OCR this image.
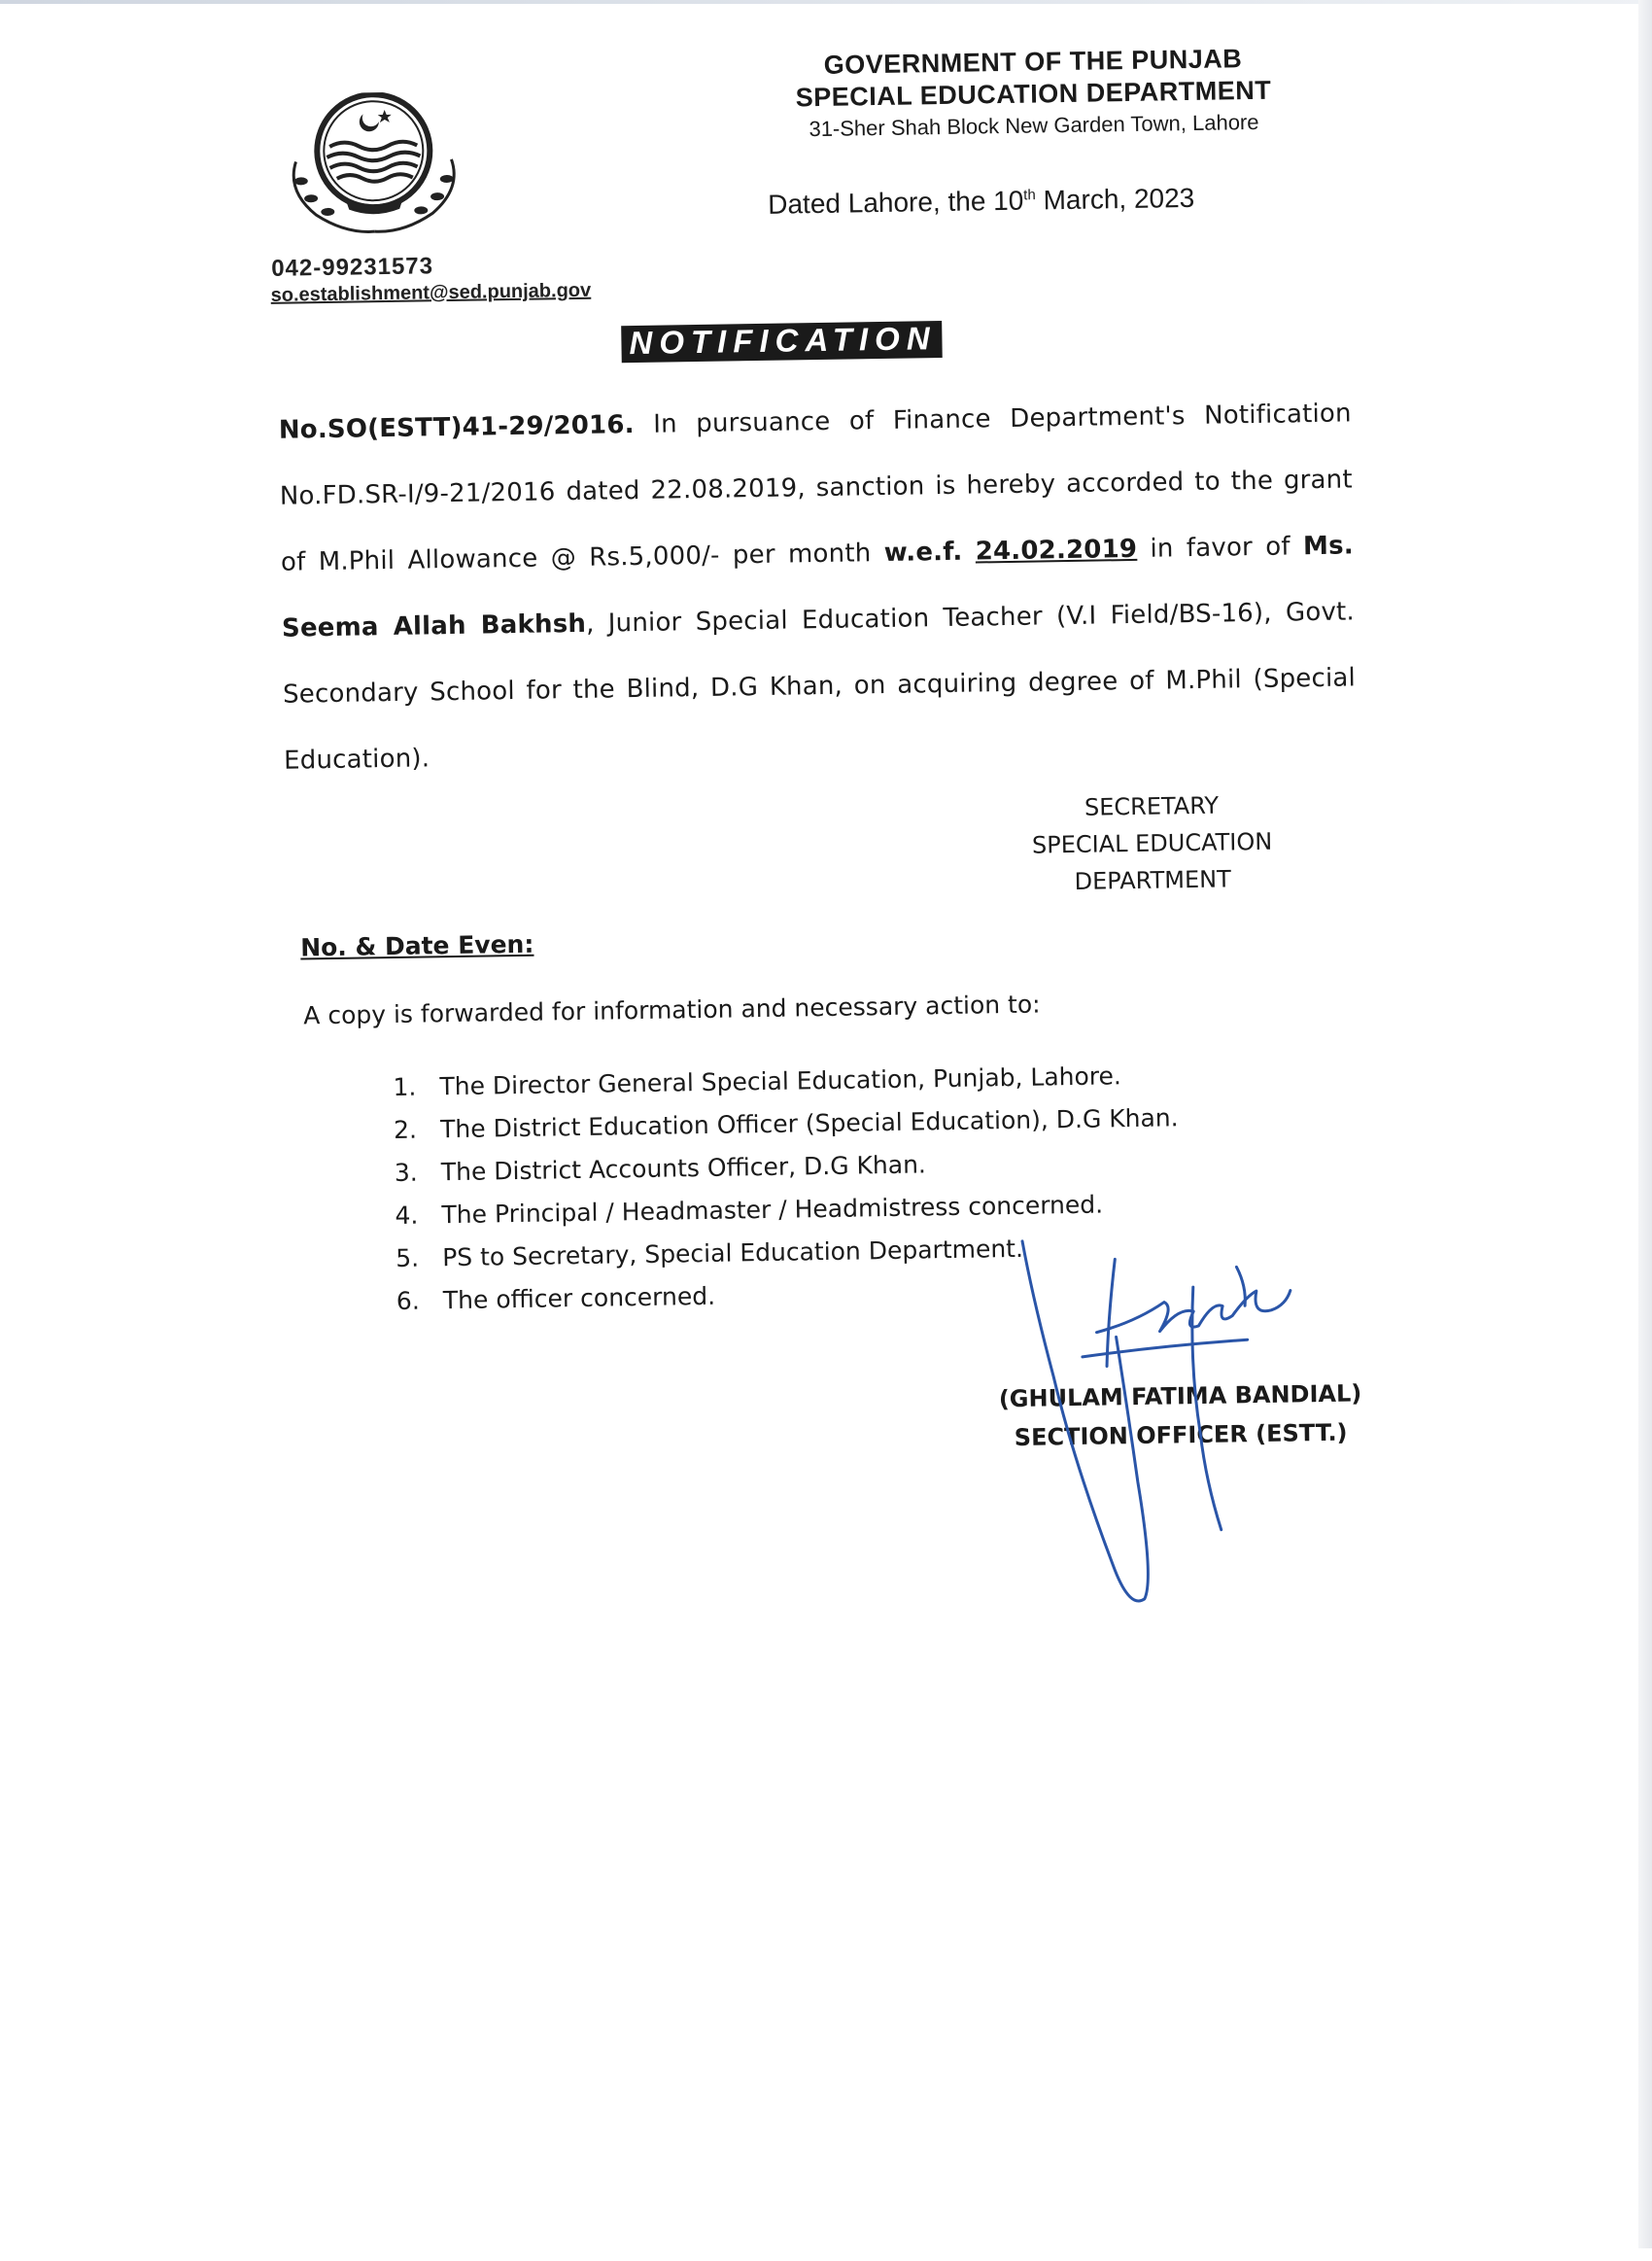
GOVERNMENT OF THE PUNJAB
SPECIAL EDUCATION DEPARTMENT
31-Sher Shah Block New Garden Town, Lahore
Dated Lahore, the 10th March, 2023
042-99231573
so.establishment@sed.punjab.gov
NOTIFICATION
No.SO(ESTT)41-29/2016. In pursuance of Finance Department's Notification No.FD.SR-I/9-21/2016 dated 22.08.2019, sanction is hereby accorded to the grant of M.Phil Allowance @ Rs.5,000/- per month w.e.f. 24.02.2019 in favor of Ms. Seema Allah Bakhsh, Junior Special Education Teacher (V.I Field/BS-16), Govt. Secondary School for the Blind, D.G Khan, on acquiring degree of M.Phil (Special Education).
SECRETARY
SPECIAL EDUCATION
DEPARTMENT
No. & Date Even:
A copy is forwarded for information and necessary action to:
1. The Director General Special Education, Punjab, Lahore.
2. The District Education Officer (Special Education), D.G Khan.
3. The District Accounts Officer, D.G Khan.
4. The Principal / Headmaster / Headmistress concerned.
5. PS to Secretary, Special Education Department.
6. The officer concerned.
(GHULAM FATIMA BANDIAL)
SECTION OFFICER (ESTT.)
